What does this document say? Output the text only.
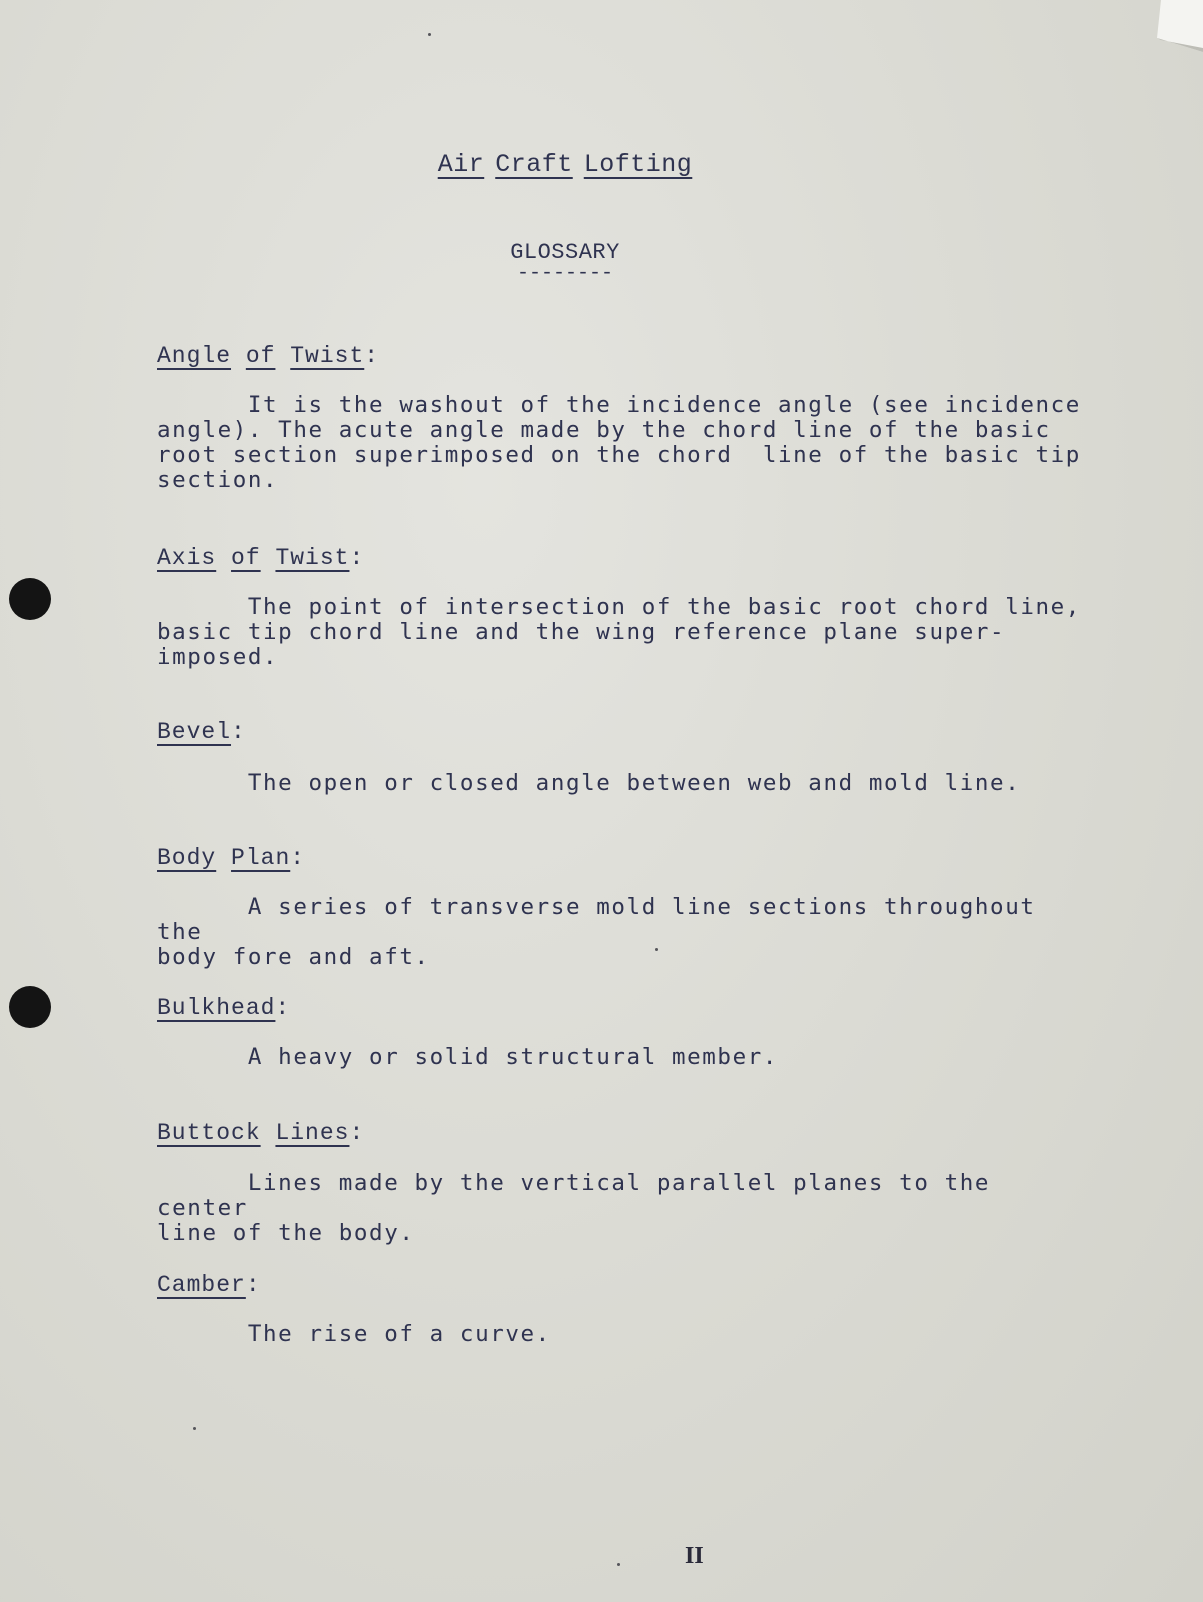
Air Craft Lofting
GLOSSARY
--------
Angle of Twist:
It is the washout of the incidence angle (see incidence
angle). The acute angle made by the chord line of the basic
root section superimposed on the chord  line of the basic tip
section.
Axis of Twist:
The point of intersection of the basic root chord line,
basic tip chord line and the wing reference plane super-
imposed.
Bevel:
The open or closed angle between web and mold line.
Body Plan:
A series of transverse mold line sections throughout the
body fore and aft.
Bulkhead:
A heavy or solid structural member.
Buttock Lines:
Lines made by the vertical parallel planes to the center
line of the body.
Camber:
The rise of a curve.
II
